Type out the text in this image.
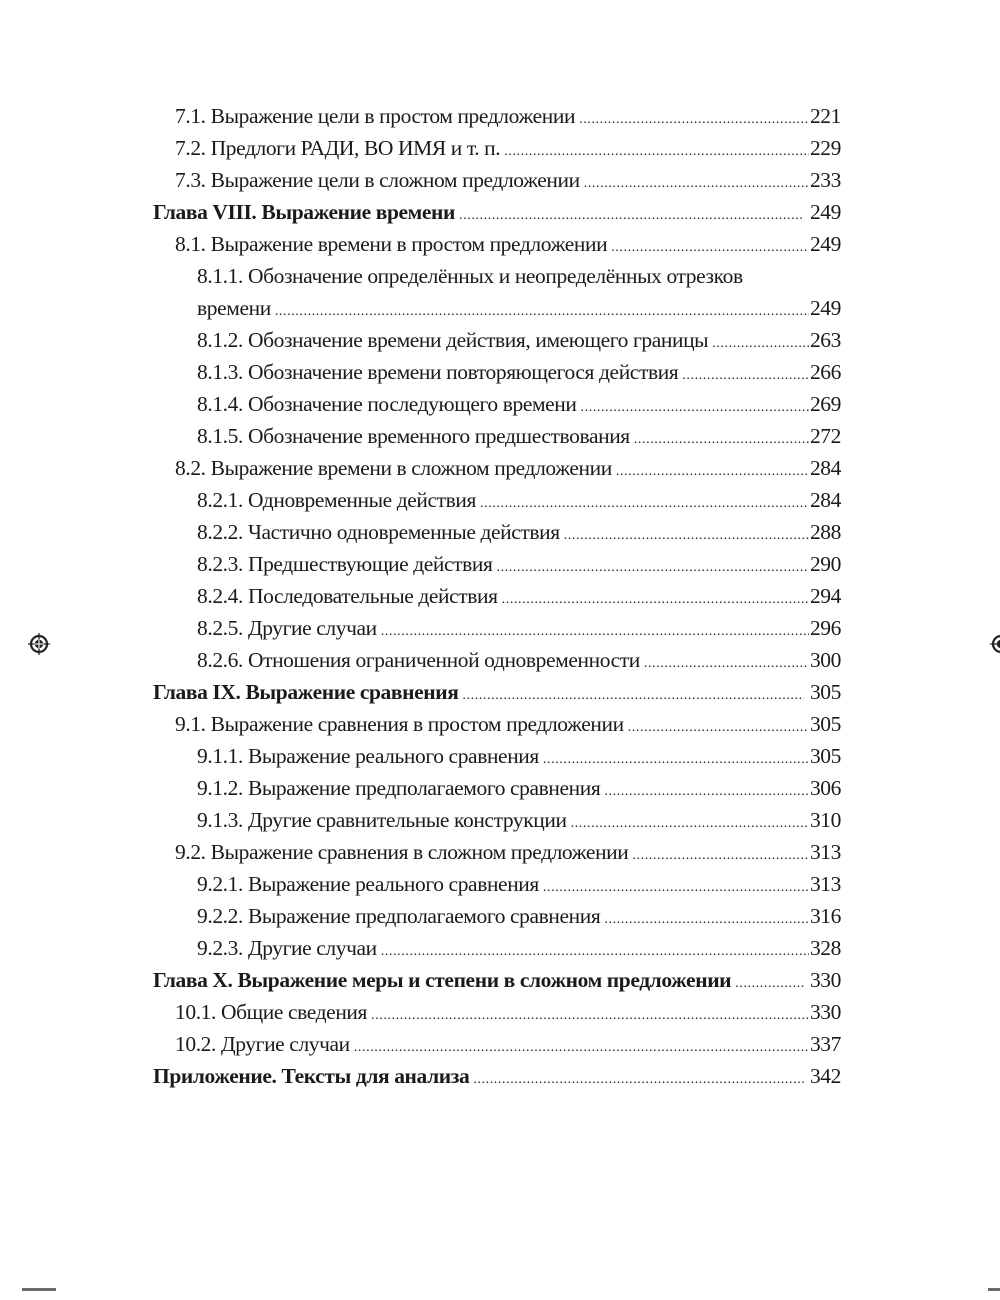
7.1. Выражение цели в простом предложении .....	221
7.2. Предлоги РАДИ, ВО ИМЯ и т. п. .....	229
7.3. Выражение цели в сложном предложении .....	233
Глава VIII. Выражение времени .....	249
8.1. Выражение времени в простом предложении .....	249
8.1.1. Обозначение определённых и неопределённых отрезков
времени .....	249
8.1.2. Обозначение времени действия, имеющего границы .....	263
8.1.3. Обозначение времени повторяющегося действия .....	266
8.1.4. Обозначение последующего времени .....	269
8.1.5. Обозначение временного предшествования .....	272
8.2. Выражение времени в сложном предложении .....	284
8.2.1. Одновременные действия .....	284
8.2.2. Частично одновременные действия .....	288
8.2.3. Предшествующие действия .....	290
8.2.4. Последовательные действия .....	294
8.2.5. Другие случаи .....	296
8.2.6. Отношения ограниченной одновременности .....	300
Глава IX. Выражение сравнения .....	305
9.1. Выражение сравнения в простом предложении .....	305
9.1.1. Выражение реального сравнения .....	305
9.1.2. Выражение предполагаемого сравнения .....	306
9.1.3. Другие сравнительные конструкции .....	310
9.2. Выражение сравнения в сложном предложении .....	313
9.2.1. Выражение реального сравнения .....	313
9.2.2. Выражение предполагаемого сравнения .....	316
9.2.3. Другие случаи .....	328
Глава X. Выражение меры и степени в сложном предложении .....	330
10.1. Общие сведения .....	330
10.2. Другие случаи .....	337
Приложение. Тексты для анализа .....	342
